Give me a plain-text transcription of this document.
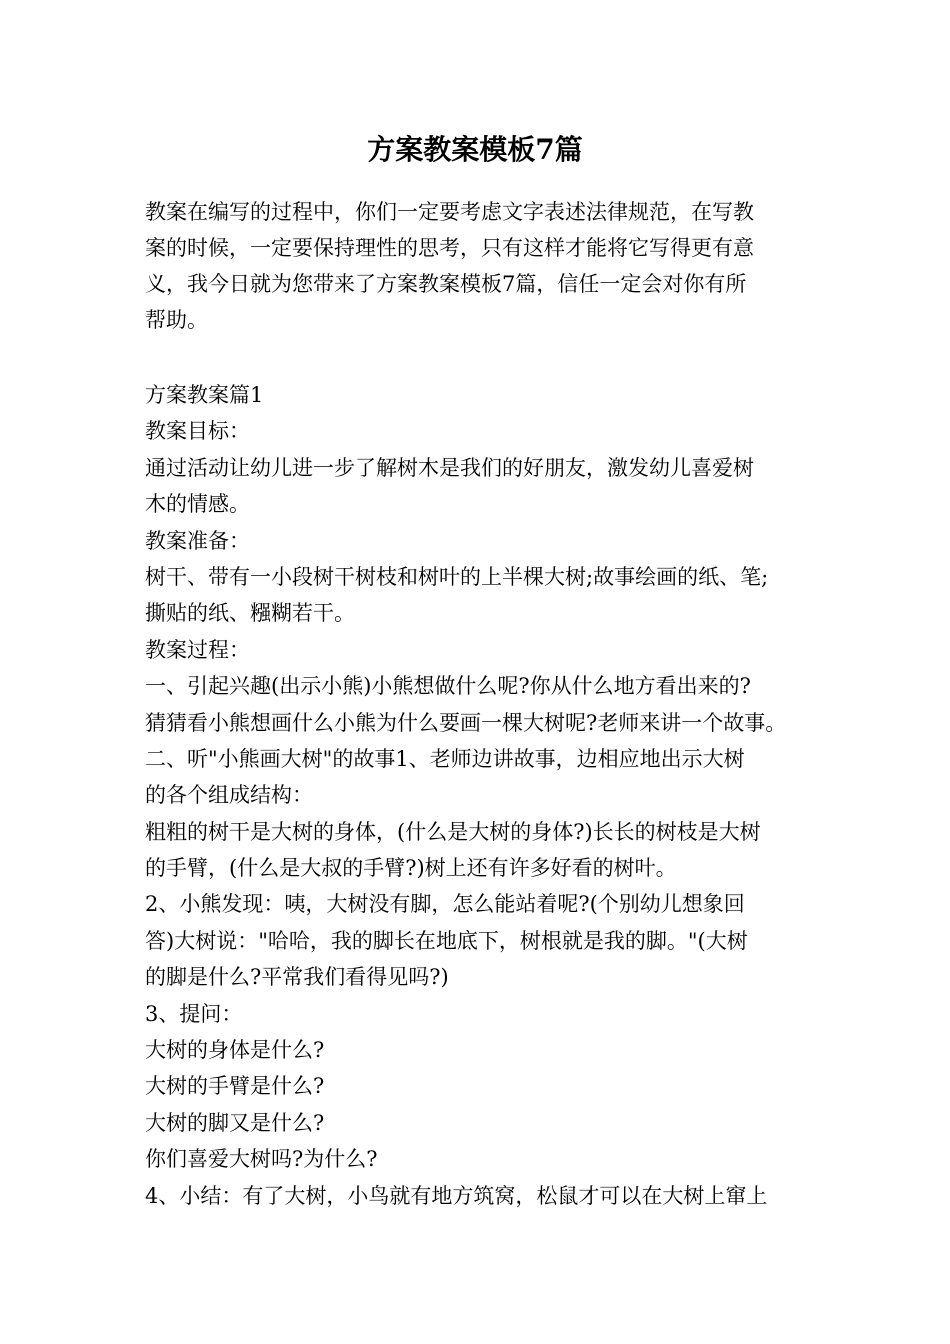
方案教案模板7篇
教案在编写的过程中，你们一定要考虑文字表述法律规范，在写教
案的时候，一定要保持理性的思考，只有这样才能将它写得更有意
义，我今日就为您带来了方案教案模板7篇，信任一定会对你有所
帮助。
方案教案篇1
教案目标：
通过活动让幼儿进一步了解树木是我们的好朋友，激发幼儿喜爱树
木的情感。
教案准备：
树干、带有一小段树干树枝和树叶的上半棵大树;故事绘画的纸、笔;
撕贴的纸、糨糊若干。
教案过程：
一、引起兴趣(出示小熊)小熊想做什么呢?你从什么地方看出来的?
猜猜看小熊想画什么小熊为什么要画一棵大树呢?老师来讲一个故事。
二、听"小熊画大树"的故事1、老师边讲故事，边相应地出示大树
的各个组成结构：
粗粗的树干是大树的身体，(什么是大树的身体?)长长的树枝是大树
的手臂，(什么是大叔的手臂?)树上还有许多好看的树叶。
2、小熊发现：咦，大树没有脚，怎么能站着呢?(个别幼儿想象回
答)大树说："哈哈，我的脚长在地底下，树根就是我的脚。"(大树
的脚是什么?平常我们看得见吗?)
3、提问：
大树的身体是什么?
大树的手臂是什么?
大树的脚又是什么?
你们喜爱大树吗?为什么?
4、小结：有了大树，小鸟就有地方筑窝，松鼠才可以在大树上窜上
